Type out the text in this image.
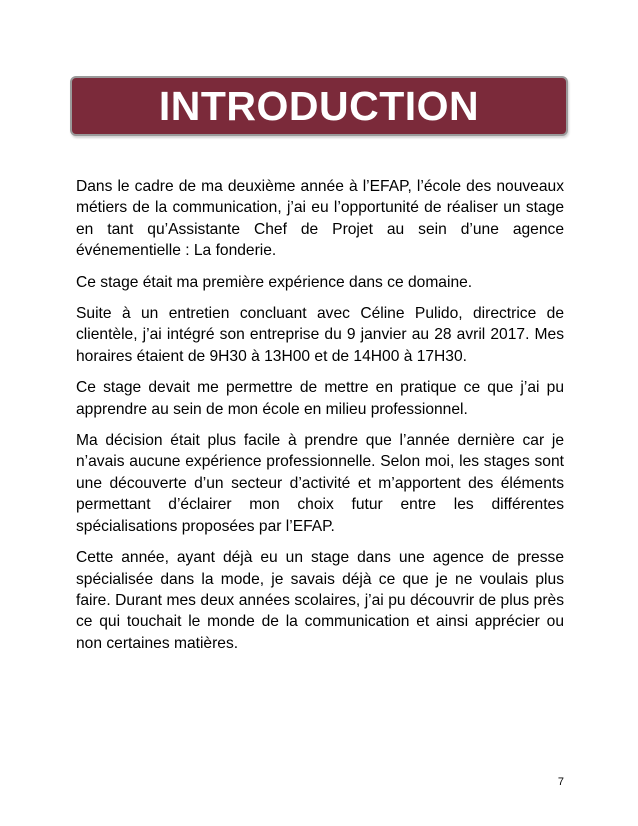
INTRODUCTION

Dans le cadre de ma deuxième année à l’EFAP, l’école des nouveaux métiers de la communication, j’ai eu l’opportunité de réaliser un stage en tant qu’Assistante Chef de Projet au sein d’une agence événementielle : La fonderie.

Ce stage était ma première expérience dans ce domaine.

Suite à un entretien concluant avec Céline Pulido, directrice de clientèle, j’ai intégré son entreprise du 9 janvier au 28 avril 2017. Mes horaires étaient de 9H30 à 13H00 et de 14H00 à 17H30.

Ce stage devait me permettre de mettre en pratique ce que j’ai pu apprendre au sein de mon école en milieu professionnel.

Ma décision était plus facile à prendre que l’année dernière car je n’avais aucune expérience professionnelle. Selon moi, les stages sont une découverte d’un secteur d’activité et m’apportent des éléments permettant d’éclairer mon choix futur entre les différentes spécialisations proposées par l’EFAP.

Cette année, ayant déjà eu un stage dans une agence de presse spécialisée dans la mode, je savais déjà ce que je ne voulais plus faire. Durant mes deux années scolaires, j’ai pu découvrir de plus près ce qui touchait le monde de la communication et ainsi apprécier ou non certaines matières.

7
